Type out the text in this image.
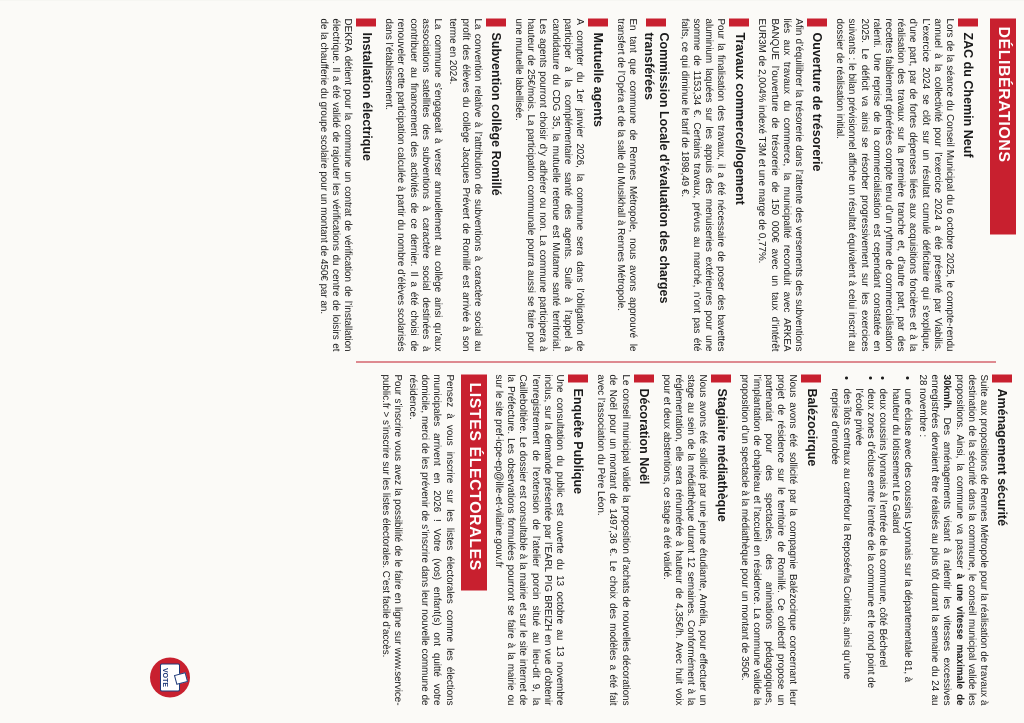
DÉLIBÉRATIONS
ZAC du Chemin Neuf

Lors de la séance du Conseil Municipal du 6 octobre 2025, le compte-rendu annuel à la collectivité pour l’exercice 2024 a été présenté par Viabilis. L’exercice 2024 se clôt sur un résultat cumulé déficitaire qui s’explique, d’une part, par de fortes dépenses liées aux acquisitions foncières et à la réalisation des travaux sur la première tranche et, d’autre part, par des recettes faiblement générées compte tenu d’un rythme de commercialisation ralenti. Une reprise de la commercialisation est cependant constatée en 2025. Le déficit va ainsi se résorber progressivement sur les exercices suivants : le bilan prévisionnel affiche un résultat équivalent à celui inscrit au dossier de réalisation initial.

Ouverture de trésorerie

Afin d’équilibrer la trésorerie dans l’attente des versements des subventions liés aux travaux du commerce, la municipalité reconduit avec ARKEA BANQUE l’ouverture de trésorerie de 150 000€ avec un taux d’intérêt EUR3M de 2,004% indexé T3M et une marge de 0,77%.

Travaux commerce/logement

Pour la finalisation des travaux, il a été nécessaire de poser des bavettes aluminium laquées sur les appuis des menuiseries extérieures pour une somme de 1153,34 €. Certains travaux, prévus au marché, n’ont pas été faits, ce qui diminue le tarif de 1898,49 €.

Commission Locale d’évaluation des charges transférées

En tant que commune de Rennes Métropole, nous avons approuvé le transfert de l’Opéra et de la salle du Musikhall à Rennes Métropole.

Mutuelle agents

A compter du 1er janvier 2026, la commune sera dans l’obligation de participer à la complémentaire santé des agents. Suite à l’appel à candidature du CDG 35, la mutuelle retenue est Mutame santé territorial. Les agents pourront choisir d’y adhérer ou non. La commune participera à hauteur de 25€/mois. La participation communale pourra aussi se faire pour une mutuelle labellisée.

Subvention collège Romillé

La convention relative à l’attribution de subventions à caractère social au profit des élèves du collège Jacques Prévert de Romillé est arrivée à son terme en 2024.

La commune s’engageait à verser annuellement au collège ainsi qu’aux associations satellites des subventions à caractère social destinées à contribuer au financement des activités de ce dernier. Il a été choisi de renouveler cette participation calculée à partir du nombre d’élèves scolarisés dans l’établissement.

Installation électrique

DEKRA détient pour la commune un contrat de vérification de l’installation électrique. Il a été validé de rajouter les vérifications du centre de loisirs et de la chaufferie du groupe scolaire pour un montant de 450€ par an.

Aménagement sécurité

Suite aux propositions de Rennes Métropole pour la réalisation de travaux à destination de la sécurité dans la commune, le conseil municipal valide les propositions. Ainsi, la commune va passer à une vitesse maximale de 30km/h. Des aménagements visant à ralentir les vitesses excessives enregistrées devraient être réalisés au plus tôt durant la semaine du 24 au 28 novembre :

• une écluse avec des coussins Lyonnais sur la départementale 81, à hauteur du lotissement Le Galard
• deux coussins lyonnais à l’entrée de la commune, côté Bécherel
• deux zones d’écluse entre l’entrée de la commune et le rond point de l’école privée
• des îlots centraux au carrefour la Reposée/la Cointais, ainsi qu’une reprise d’enrobée
Balézocirque

Nous avons été sollicité par la compagnie Balézocirque concernant leur projet de résidence sur le territoire de Romillé. Ce collectif propose un partenariat pour des spectacles, des animations pédagogiques, l’implantation de chapiteau et l’accueil en résidence. La commune valide la proposition d’un spectacle à la médiathèque pour un montant de 350€.

Stagiaire médiathèque

Nous avons été sollicité par une jeune étudiante, Amélia, pour effectuer un stage au sein de la médiathèque durant 12 semaines. Conformément à la réglementation, elle sera rénumérée à hauteur de 4,35€/h. Avec huit voix pour et deux abstentions, ce stage a été validé.

Décoration Noël

Le conseil municipal valide la proposition d’achats de nouvelles décorations de Noël pour un montant de 1497,36 €. Le choix des modèles a été fait avec l’association du Père Léon.

Enquête Publique

Une consultation du public est ouverte du 13 octobre au 13 novembre inclus, sur la demande présentée par l’EARL PIG BREIZH en vue d’obtenir l’enregistrement de l’extension de l’atelier porcin situé au lieu-dit 9, la Cailleboltière. Le dossier est consultable à la mairie et sur le site internet de la Préfecture. Les observations formulées pourront se faire à la mairie ou sur le site pref-icpe-ep@ille-et-vilaine.gouv.fr

LISTES ÉLECTORALES

Pensez à vous inscrire sur les listes électorales comme les élections municipales arrivent en 2026 ! Votre (vos) enfant(s) ont quitté votre domicile, merci de les prévenir de s’inscrire dans leur nouvelle commune de résidence.

Pour s’inscrire vous avez la possibilité de le faire en ligne sur www.service-public.fr > s’inscrire sur les listes électorales. C’est facile d’accès.

VOTE
